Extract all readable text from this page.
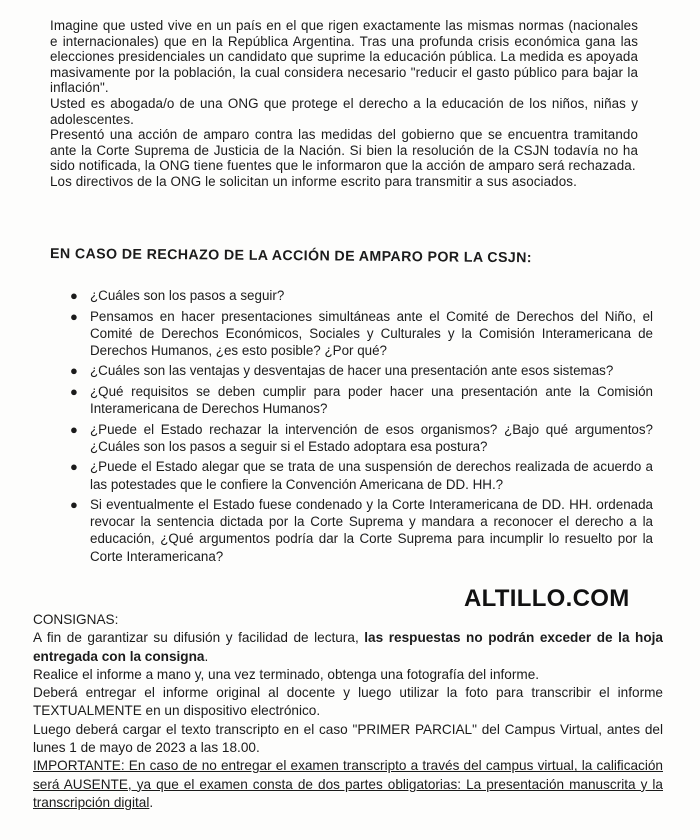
Imagine que usted vive en un país en el que rigen exactamente las mismas normas (nacionales e internacionales) que en la República Argentina. Tras una profunda crisis económica gana las elecciones presidenciales un candidato que suprime la educación pública. La medida es apoyada masivamente por la población, la cual considera necesario "reducir el gasto público para bajar la inflación".

Usted es abogada/o de una ONG que protege el derecho a la educación de los niños, niñas y adolescentes.

Presentó una acción de amparo contra las medidas del gobierno que se encuentra tramitando ante la Corte Suprema de Justicia de la Nación. Si bien la resolución de la CSJN todavía no ha sido notificada, la ONG tiene fuentes que le informaron que la acción de amparo será rechazada.

Los directivos de la ONG le solicitan un informe escrito para transmitir a sus asociados.

EN CASO DE RECHAZO DE LA ACCIÓN DE AMPARO POR LA CSJN:
● ¿Cuáles son los pasos a seguir?
● Pensamos en hacer presentaciones simultáneas ante el Comité de Derechos del Niño, el Comité de Derechos Económicos, Sociales y Culturales y la Comisión Interamericana de Derechos Humanos, ¿es esto posible? ¿Por qué?
● ¿Cuáles son las ventajas y desventajas de hacer una presentación ante esos sistemas?
● ¿Qué requisitos se deben cumplir para poder hacer una presentación ante la Comisión Interamericana de Derechos Humanos?
● ¿Puede el Estado rechazar la intervención de esos organismos? ¿Bajo qué argumentos? ¿Cuáles son los pasos a seguir si el Estado adoptara esa postura?
● ¿Puede el Estado alegar que se trata de una suspensión de derechos realizada de acuerdo a las potestades que le confiere la Convención Americana de DD. HH.?
● Si eventualmente el Estado fuese condenado y la Corte Interamericana de DD. HH. ordenada revocar la sentencia dictada por la Corte Suprema y mandara a reconocer el derecho a la educación, ¿Qué argumentos podría dar la Corte Suprema para incumplir lo resuelto por la Corte Interamericana?
ALTILLO.COM

CONSIGNAS:

A fin de garantizar su difusión y facilidad de lectura, las respuestas no podrán exceder de la hoja entregada con la consigna.

Realice el informe a mano y, una vez terminado, obtenga una fotografía del informe.

Deberá entregar el informe original al docente y luego utilizar la foto para transcribir el informe TEXTUALMENTE en un dispositivo electrónico.

Luego deberá cargar el texto transcripto en el caso "PRIMER PARCIAL" del Campus Virtual, antes del lunes 1 de mayo de 2023 a las 18.00.

IMPORTANTE: En caso de no entregar el examen transcripto a través del campus virtual, la calificación será AUSENTE, ya que el examen consta de dos partes obligatorias: La presentación manuscrita y la transcripción digital.
